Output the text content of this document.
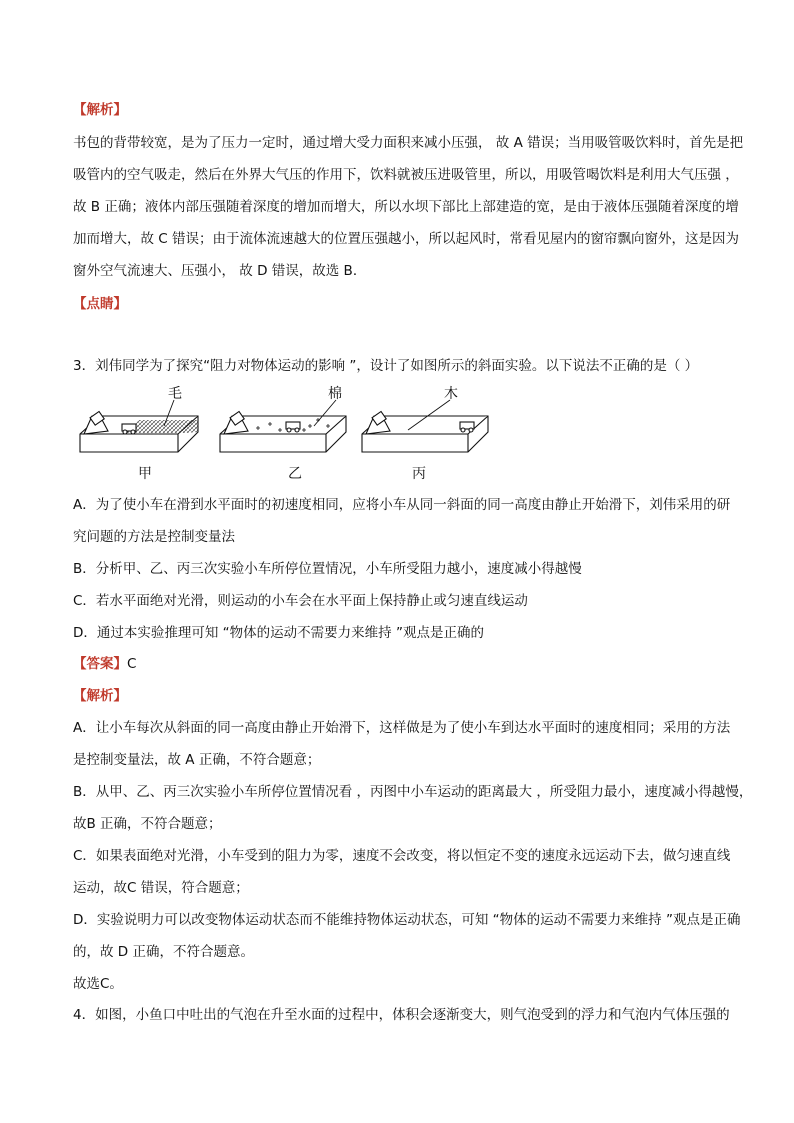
【解析】
书包的背带较宽，是为了压力一定时，通过增大受力面积来减小压强， 故 A 错误；当用吸管吸饮料时，首先是把
吸管内的空气吸走，然后在外界大气压的作用下，饮料就被压进吸管里，所以，用吸管喝饮料是利用大气压强 ，
故 B 正确；液体内部压强随着深度的增加而增大，所以水坝下部比上部建造的宽，是由于液体压强随着深度的增
加而增大，故 C 错误；由于流体流速越大的位置压强越小，所以起风时，常看见屋内的窗帘飘向窗外，这是因为
窗外空气流速大、压强小， 故 D 错误，故选 B．
【点睛】
3．刘伟同学为了探究“阻力对物体运动的影响 ”，设计了如图所示的斜面实验。以下说法不正确的是（ ）
毛	棉	木
甲	乙	丙
A．为了使小车在滑到水平面时的初速度相同，应将小车从同一斜面的同一高度由静止开始滑下，刘伟采用的研
究问题的方法是控制变量法
B．分析甲、乙、丙三次实验小车所停位置情况，小车所受阻力越小，速度减小得越慢
C．若水平面绝对光滑，则运动的小车会在水平面上保持静止或匀速直线运动
D．通过本实验推理可知 “物体的运动不需要力来维持 ”观点是正确的
【答案】C
【解析】
A．让小车每次从斜面的同一高度由静止开始滑下，这样做是为了使小车到达水平面时的速度相同；采用的方法
是控制变量法，故 A 正确，不符合题意；
B．从甲、乙、丙三次实验小车所停位置情况看 ，丙图中小车运动的距离最大 ，所受阻力最小，速度减小得越慢，
故B 正确，不符合题意；
C．如果表面绝对光滑，小车受到的阻力为零，速度不会改变，将以恒定不变的速度永远运动下去，做匀速直线
运动，故C 错误，符合题意；
D．实验说明力可以改变物体运动状态而不能维持物体运动状态，可知 “物体的运动不需要力来维持 ”观点是正确
的，故 D 正确，不符合题意。
故选C。
4．如图，小鱼口中吐出的气泡在升至水面的过程中，体积会逐渐变大，则气泡受到的浮力和气泡内气体压强的
